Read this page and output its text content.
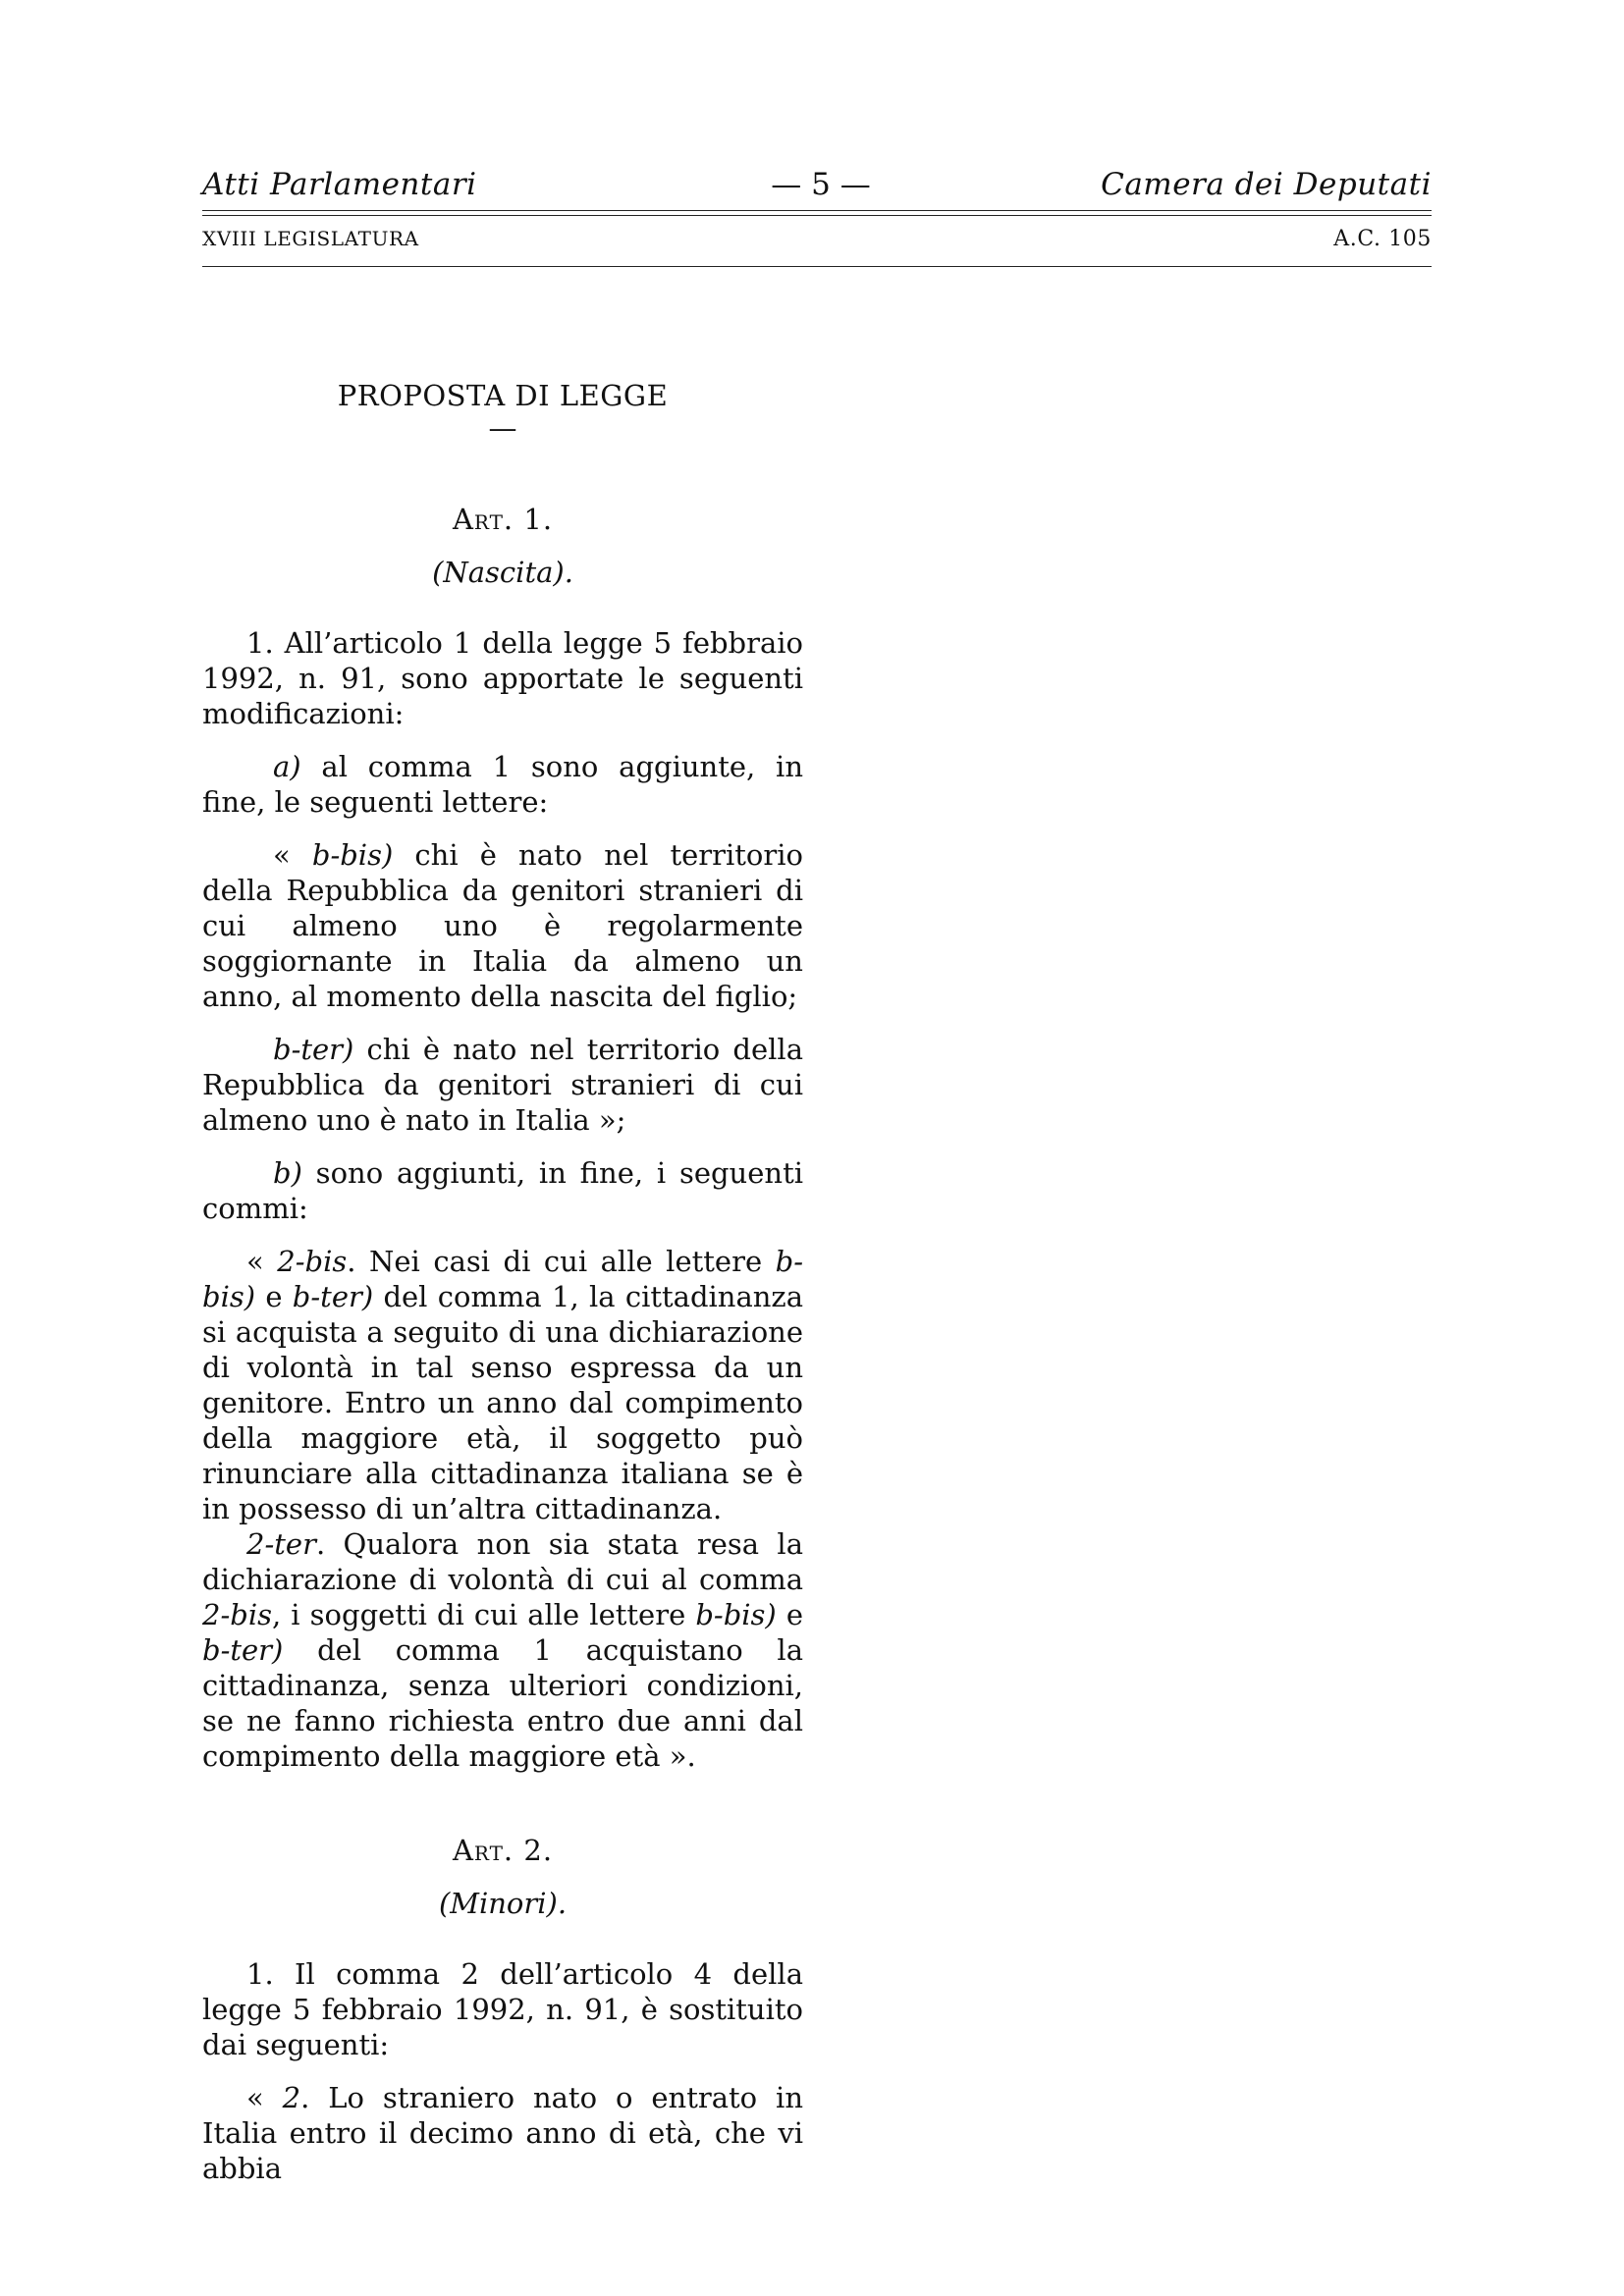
Atti Parlamentari	— 5 —	Camera dei Deputati
XVIII LEGISLATURA	A.C. 105

PROPOSTA DI LEGGE

—

Art. 1.

(Nascita).

1. All’articolo 1 della legge 5 febbraio 1992, n. 91, sono apportate le seguenti modificazioni:

a) al comma 1 sono aggiunte, in fine, le seguenti lettere:

« b-bis) chi è nato nel territorio della Repubblica da genitori stranieri di cui almeno uno è regolarmente soggiornante in Italia da almeno un anno, al momento della nascita del figlio;

b-ter) chi è nato nel territorio della Repubblica da genitori stranieri di cui almeno uno è nato in Italia »;

b) sono aggiunti, in fine, i seguenti commi:

« 2-bis. Nei casi di cui alle lettere b-bis) e b-ter) del comma 1, la cittadinanza si acquista a seguito di una dichiarazione di volontà in tal senso espressa da un genitore. Entro un anno dal compimento della maggiore età, il soggetto può rinunciare alla cittadinanza italiana se è in possesso di un’altra cittadinanza.

2-ter. Qualora non sia stata resa la dichiarazione di volontà di cui al comma 2-bis, i soggetti di cui alle lettere b-bis) e b-ter) del comma 1 acquistano la cittadinanza, senza ulteriori condizioni, se ne fanno richiesta entro due anni dal compimento della maggiore età ».

Art. 2.

(Minori).

1. Il comma 2 dell’articolo 4 della legge 5 febbraio 1992, n. 91, è sostituito dai seguenti:

« 2. Lo straniero nato o entrato in Italia entro il decimo anno di età, che vi abbia
